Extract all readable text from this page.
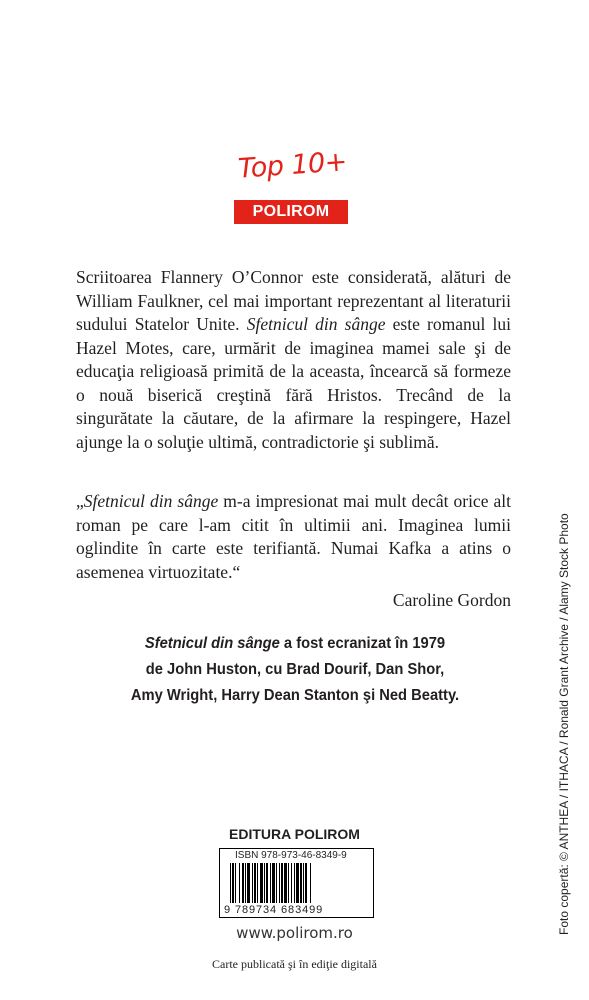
Top 10+
POLIROM

Scriitoarea Flannery O’Connor este considerată, alături de William Faulkner, cel mai important reprezentant al literaturii sudului Statelor Unite. Sfetnicul din sânge este romanul lui Hazel Motes, care, urmărit de imaginea mamei sale şi de educaţia religioasă primită de la aceasta, încearcă să formeze o nouă biserică creştină fără Hristos. Trecând de la singurătate la căutare, de la afirmare la respingere, Hazel ajunge la o soluţie ultimă, contradictorie şi sublimă.

„Sfetnicul din sânge m-a impresionat mai mult decât orice alt roman pe care l-am citit în ultimii ani. Imaginea lumii oglindite în carte este terifiantă. Numai Kafka a atins o asemenea virtuozitate.“

Caroline Gordon
Sfetnicul din sânge a fost ecranizat în 1979
de John Huston, cu Brad Dourif, Dan Shor,
Amy Wright, Harry Dean Stanton şi Ned Beatty.
EDITURA POLIROM
ISBN 978-973-46-8349-9
9 789734 683499
www.polirom.ro
Carte publicată şi în ediţie digitală
Foto copertă: © ANTHEA / ITHACA / Ronald Grant Archive / Alamy Stock Photo
